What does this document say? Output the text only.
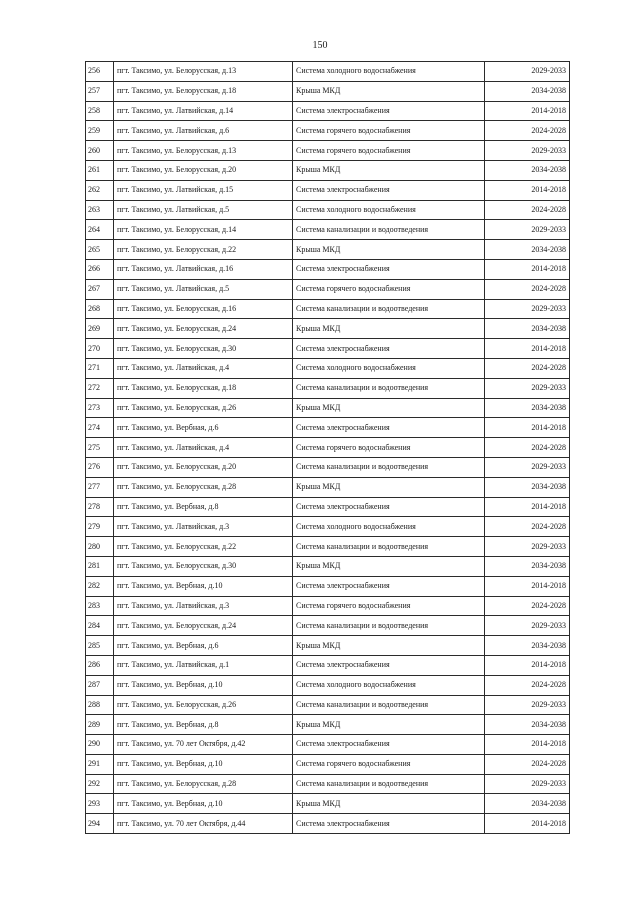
150
256	пгт. Таксимо, ул. Белорусская, д.13	Система холодного водоснабжения	2029-2033
257	пгт. Таксимо, ул. Белорусская, д.18	Крыша МКД	2034-2038
258	пгт. Таксимо, ул. Латвийская, д.14	Система электроснабжения	2014-2018
259	пгт. Таксимо, ул. Латвийская, д.6	Система горячего водоснабжения	2024-2028
260	пгт. Таксимо, ул. Белорусская, д.13	Система горячего водоснабжения	2029-2033
261	пгт. Таксимо, ул. Белорусская, д.20	Крыша МКД	2034-2038
262	пгт. Таксимо, ул. Латвийская, д.15	Система электроснабжения	2014-2018
263	пгт. Таксимо, ул. Латвийская, д.5	Система холодного водоснабжения	2024-2028
264	пгт. Таксимо, ул. Белорусская, д.14	Система канализации и водоотведения	2029-2033
265	пгт. Таксимо, ул. Белорусская, д.22	Крыша МКД	2034-2038
266	пгт. Таксимо, ул. Латвийская, д.16	Система электроснабжения	2014-2018
267	пгт. Таксимо, ул. Латвийская, д.5	Система горячего водоснабжения	2024-2028
268	пгт. Таксимо, ул. Белорусская, д.16	Система канализации и водоотведения	2029-2033
269	пгт. Таксимо, ул. Белорусская, д.24	Крыша МКД	2034-2038
270	пгт. Таксимо, ул. Белорусская, д.30	Система электроснабжения	2014-2018
271	пгт. Таксимо, ул. Латвийская, д.4	Система холодного водоснабжения	2024-2028
272	пгт. Таксимо, ул. Белорусская, д.18	Система канализации и водоотведения	2029-2033
273	пгт. Таксимо, ул. Белорусская, д.26	Крыша МКД	2034-2038
274	пгт. Таксимо, ул. Вербная, д.6	Система электроснабжения	2014-2018
275	пгт. Таксимо, ул. Латвийская, д.4	Система горячего водоснабжения	2024-2028
276	пгт. Таксимо, ул. Белорусская, д.20	Система канализации и водоотведения	2029-2033
277	пгт. Таксимо, ул. Белорусская, д.28	Крыша МКД	2034-2038
278	пгт. Таксимо, ул. Вербная, д.8	Система электроснабжения	2014-2018
279	пгт. Таксимо, ул. Латвийская, д.3	Система холодного водоснабжения	2024-2028
280	пгт. Таксимо, ул. Белорусская, д.22	Система канализации и водоотведения	2029-2033
281	пгт. Таксимо, ул. Белорусская, д.30	Крыша МКД	2034-2038
282	пгт. Таксимо, ул. Вербная, д.10	Система электроснабжения	2014-2018
283	пгт. Таксимо, ул. Латвийская, д.3	Система горячего водоснабжения	2024-2028
284	пгт. Таксимо, ул. Белорусская, д.24	Система канализации и водоотведения	2029-2033
285	пгт. Таксимо, ул. Вербная, д.6	Крыша МКД	2034-2038
286	пгт. Таксимо, ул. Латвийская, д.1	Система электроснабжения	2014-2018
287	пгт. Таксимо, ул. Вербная, д.10	Система холодного водоснабжения	2024-2028
288	пгт. Таксимо, ул. Белорусская, д.26	Система канализации и водоотведения	2029-2033
289	пгт. Таксимо, ул. Вербная, д.8	Крыша МКД	2034-2038
290	пгт. Таксимо, ул. 70 лет Октября, д.42	Система электроснабжения	2014-2018
291	пгт. Таксимо, ул. Вербная, д.10	Система горячего водоснабжения	2024-2028
292	пгт. Таксимо, ул. Белорусская, д.28	Система канализации и водоотведения	2029-2033
293	пгт. Таксимо, ул. Вербная, д.10	Крыша МКД	2034-2038
294	пгт. Таксимо, ул. 70 лет Октября, д.44	Система электроснабжения	2014-2018
